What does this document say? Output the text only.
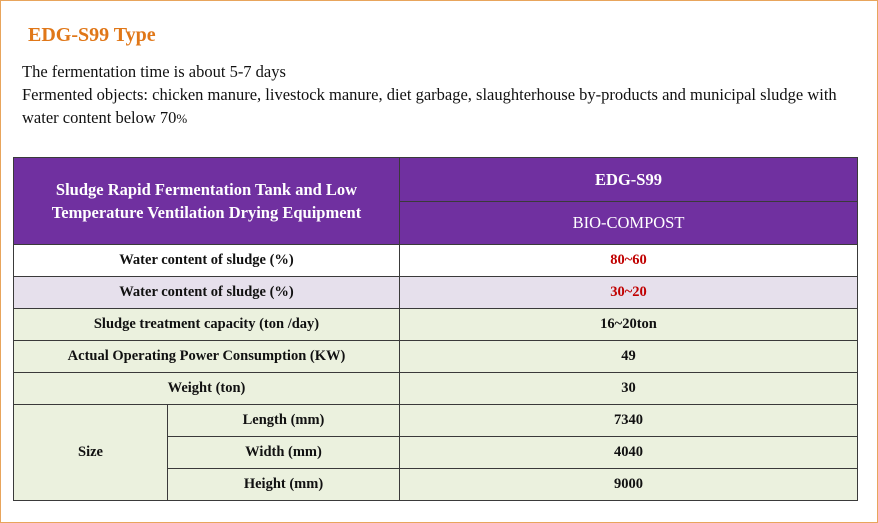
EDG-S99 Type
The fermentation time is about 5-7 days
Fermented objects: chicken manure, livestock manure, diet garbage, slaughterhouse by-products and municipal sludge with water content below 70%
Sludge Rapid Fermentation Tank and Low Temperature Ventilation Drying Equipment		EDG-S99
		BIO-COMPOST
Water content of sludge (%)		80~60
Water content of sludge (%)		30~20
Sludge treatment capacity (ton /day)		16~20ton
Actual Operating Power Consumption (KW)		49
Weight (ton)		30
Size	Length (mm)	7340
	Width (mm)	4040
	Height (mm)	9000
